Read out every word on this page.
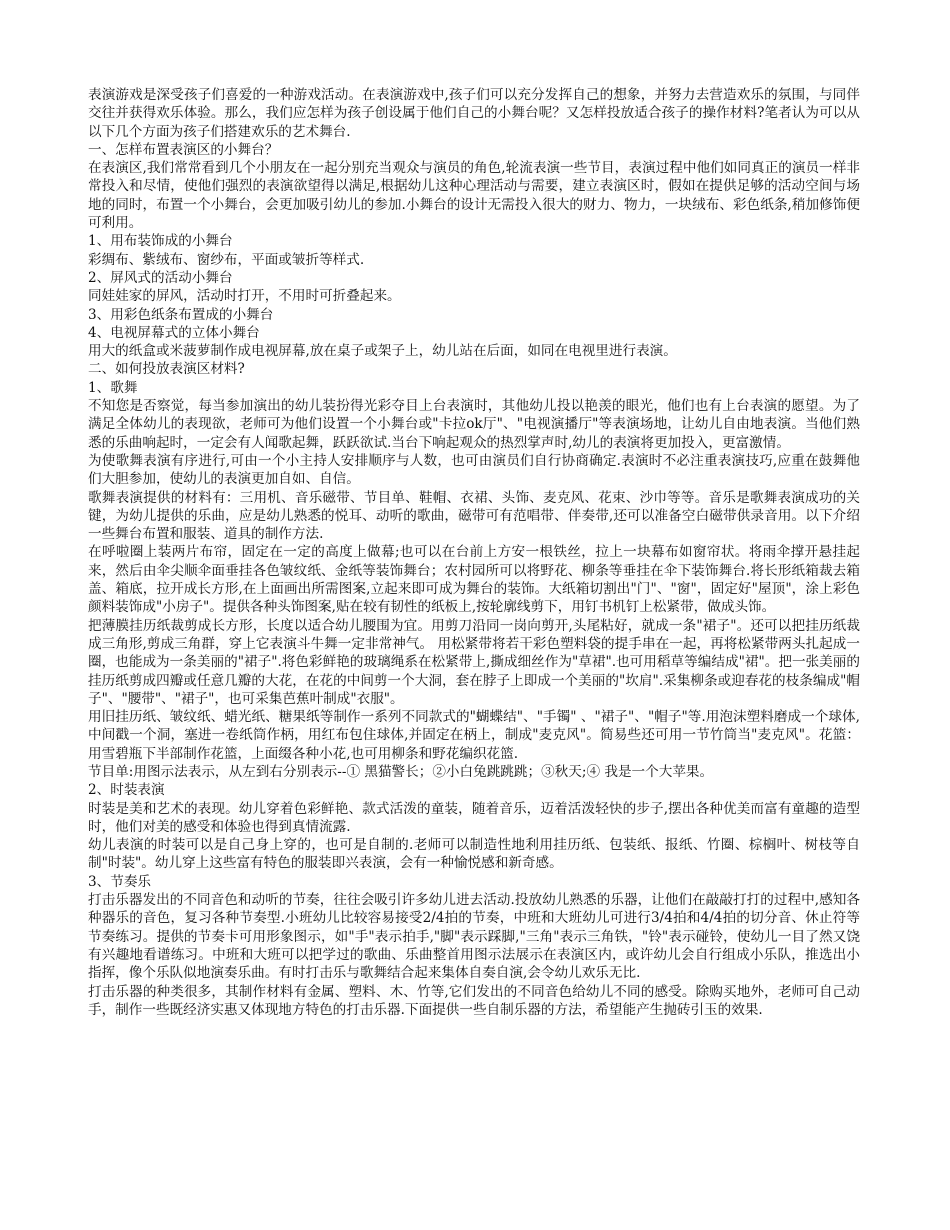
表演游戏是深受孩子们喜爱的一种游戏活动。在表演游戏中,孩子们可以充分发挥自己的想象，并努力去营造欢乐的氛围，与同伴交往并获得欢乐体验。那么，我们应怎样为孩子创设属于他们自己的小舞台呢？又怎样投放适合孩子的操作材料?笔者认为可以从以下几个方面为孩子们搭建欢乐的艺术舞台.

一、怎样布置表演区的小舞台？

在表演区,我们常常看到几个小朋友在一起分别充当观众与演员的角色,轮流表演一些节目，表演过程中他们如同真正的演员一样非常投入和尽情，使他们强烈的表演欲望得以满足,根据幼儿这种心理活动与需要，建立表演区时，假如在提供足够的活动空间与场地的同时，布置一个小舞台，会更加吸引幼儿的参加.小舞台的设计无需投入很大的财力、物力，一块绒布、彩色纸条,稍加修饰便可利用。

1、用布装饰成的小舞台

彩绸布、紫绒布、窗纱布，平面或皱折等样式.

2、屏风式的活动小舞台

同娃娃家的屏风，活动时打开，不用时可折叠起来。

3、用彩色纸条布置成的小舞台

4、电视屏幕式的立体小舞台

用大的纸盒或米菠萝制作成电视屏幕,放在桌子或架子上，幼儿站在后面，如同在电视里进行表演。

二、如何投放表演区材料?

1、歌舞

不知您是否察觉，每当参加演出的幼儿装扮得光彩夺目上台表演时，其他幼儿投以艳羡的眼光，他们也有上台表演的愿望。为了满足全体幼儿的表现欲，老师可为他们设置一个小舞台或"卡拉ok厅"、"电视演播厅"等表演场地，让幼儿自由地表演。当他们熟悉的乐曲响起时，一定会有人闻歌起舞，跃跃欲试.当台下响起观众的热烈掌声时,幼儿的表演将更加投入，更富激情。

为使歌舞表演有序进行,可由一个小主持人安排顺序与人数，也可由演员们自行协商确定.表演时不必注重表演技巧,应重在鼓舞他们大胆参加，使幼儿的表演更加自如、自信。

歌舞表演提供的材料有：三用机、音乐磁带、节目单、鞋帽、衣裙、头饰、麦克风、花束、沙巾等等。音乐是歌舞表演成功的关键，为幼儿提供的乐曲，应是幼儿熟悉的悦耳、动听的歌曲，磁带可有范唱带、伴奏带,还可以准备空白磁带供录音用。以下介绍一些舞台布置和服装、道具的制作方法.

在呼啦圈上装两片布帘，固定在一定的高度上做幕;也可以在台前上方安一根铁丝，拉上一块幕布如窗帘状。将雨伞撑开悬挂起来，然后由伞尖顺伞面垂挂各色皱纹纸、金纸等装饰舞台；农村园所可以将野花、柳条等垂挂在伞下装饰舞台.将长形纸箱裁去箱盖、箱底，拉开成长方形,在上面画出所需图案,立起来即可成为舞台的装饰。大纸箱切割出"门"、"窗"，固定好"屋顶"，涂上彩色颜料装饰成"小房子"。提供各种头饰图案,贴在较有韧性的纸板上,按轮廓线剪下，用钉书机钉上松紧带，做成头饰。

把薄膜挂历纸裁剪成长方形，长度以适合幼儿腰围为宜。用剪刀沿同一岗向剪开,头尾粘好，就成一条"裙子"。还可以把挂历纸裁成三角形,剪成三角群，穿上它表演斗牛舞一定非常神气。 用松紧带将若干彩色塑料袋的提手串在一起，再将松紧带两头扎起成一圈，也能成为一条美丽的"裙子".将色彩鲜艳的玻璃绳系在松紧带上,撕成细丝作为"草裙".也可用稻草等编结成"裙"。把一张美丽的挂历纸剪成四瓣或任意几瓣的大花，在花的中间剪一个大洞，套在脖子上即成一个美丽的"坎肩".采集柳条或迎春花的枝条编成"帽子"、"腰带"、"裙子"，也可采集芭蕉叶制成"衣服"。

用旧挂历纸、皱纹纸、蜡光纸、糖果纸等制作一系列不同款式的"蝴蝶结"、"手镯" 、"裙子"、"帽子"等.用泡沫塑料磨成一个球体,中间戳一个洞，塞进一卷纸筒作柄，用红布包住球体,并固定在柄上，制成"麦克风"。简易些还可用一节竹筒当"麦克风"。花篮：用雪碧瓶下半部制作花篮，上面缀各种小花,也可用柳条和野花编织花篮.

节目单:用图示法表示，从左到右分别表示--① 黑猫警长；②小白兔跳跳跳；③秋天;④ 我是一个大苹果。

2、时装表演

时装是美和艺术的表现。幼儿穿着色彩鲜艳、款式活泼的童装，随着音乐，迈着活泼轻快的步子,摆出各种优美而富有童趣的造型时，他们对美的感受和体验也得到真情流露.

幼儿表演的时装可以是自己身上穿的，也可是自制的.老师可以制造性地利用挂历纸、包装纸、报纸、竹圈、棕榈叶、树枝等自制"时装"。幼儿穿上这些富有特色的服装即兴表演，会有一种愉悦感和新奇感。

3、节奏乐

打击乐器发出的不同音色和动听的节奏，往往会吸引许多幼儿进去活动.投放幼儿熟悉的乐器，让他们在敲敲打打的过程中,感知各种器乐的音色，复习各种节奏型.小班幼儿比较容易接受2/4拍的节奏，中班和大班幼儿可进行3/4拍和4/4拍的切分音、休止符等节奏练习。提供的节奏卡可用形象图示，如"手"表示拍手,"脚"表示踩脚,"三角"表示三角铁，"铃"表示碰铃，使幼儿一目了然又饶有兴趣地看谱练习。中班和大班可以把学过的歌曲、乐曲整首用图示法展示在表演区内，或许幼儿会自行组成小乐队，推选出小指挥，像个乐队似地演奏乐曲。有时打击乐与歌舞结合起来集体自奏自演,会令幼儿欢乐无比.

打击乐器的种类很多，其制作材料有金属、塑料、木、竹等,它们发出的不同音色给幼儿不同的感受。除购买地外，老师可自己动手，制作一些既经济实惠又体现地方特色的打击乐器.下面提供一些自制乐器的方法，希望能产生抛砖引玉的效果.
